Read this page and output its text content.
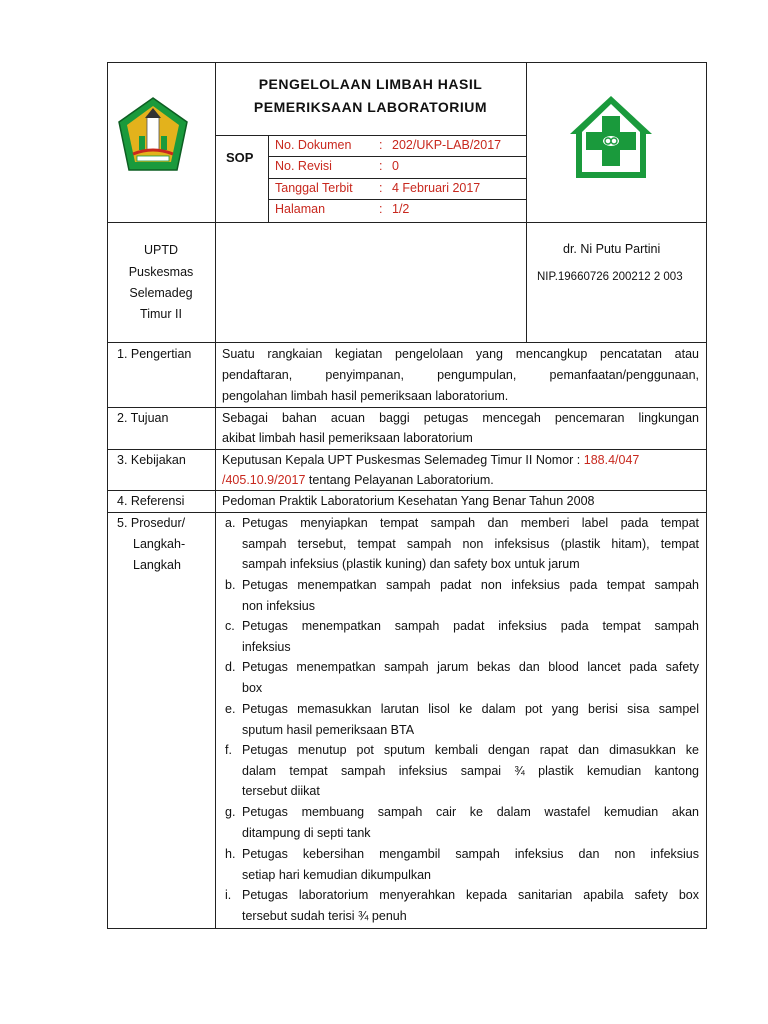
PENGELOLAAN LIMBAH HASIL
PEMERIKSAAN LABORATORIUM
SOP
No. Dokumen : 202/UKP-LAB/2017
No. Revisi	: 0
Tanggal Terbit : 4 Februari 2017
Halaman	: 1/2
UPTD
Puskesmas
Selemadeg
Timur II
dr. Ni Putu Partini
NIP.19660726 200212 2 003
1. Pengertian Suatu rangkaian kegiatan pengelolaan yang mencangkup pencatatan atau
pendaftaran, penyimpanan, pengumpulan, pemanfaatan/penggunaan,
pengolahan limbah hasil pemeriksaan laboratorium.
2. Tujuan	Sebagai bahan acuan baggi petugas mencegah pencemaran lingkungan
akibat limbah hasil pemeriksaan laboratorium
3. Kebijakan	Keputusan Kepala UPT Puskesmas Selemadeg Timur II Nomor : 188.4/047
/405.10.9/2017 tentang Pelayanan Laboratorium.
4. Referensi	Pedoman Praktik Laboratorium Kesehatan Yang Benar Tahun 2008
5. Prosedur/
Langkah-
Langkah
a. Petugas menyiapkan tempat sampah dan memberi label pada tempat
sampah tersebut, tempat sampah non infeksisus (plastik hitam), tempat
sampah infeksius (plastik kuning) dan safety box untuk jarum
b. Petugas menempatkan sampah padat non infeksius pada tempat sampah
non infeksius
c. Petugas menempatkan sampah padat infeksius pada tempat sampah
infeksius
d. Petugas menempatkan sampah jarum bekas dan blood lancet pada safety
box
e. Petugas memasukkan larutan lisol ke dalam pot yang berisi sisa sampel
sputum hasil pemeriksaan BTA
f. Petugas menutup pot sputum kembali dengan rapat dan dimasukkan ke
dalam tempat sampah infeksius sampai ¾ plastik kemudian kantong
tersebut diikat
g. Petugas membuang sampah cair ke dalam wastafel kemudian akan
ditampung di septi tank
h. Petugas kebersihan mengambil sampah infeksius dan non infeksius
setiap hari kemudian dikumpulkan
i. Petugas laboratorium menyerahkan kepada sanitarian apabila safety box
tersebut sudah terisi ¾ penuh
